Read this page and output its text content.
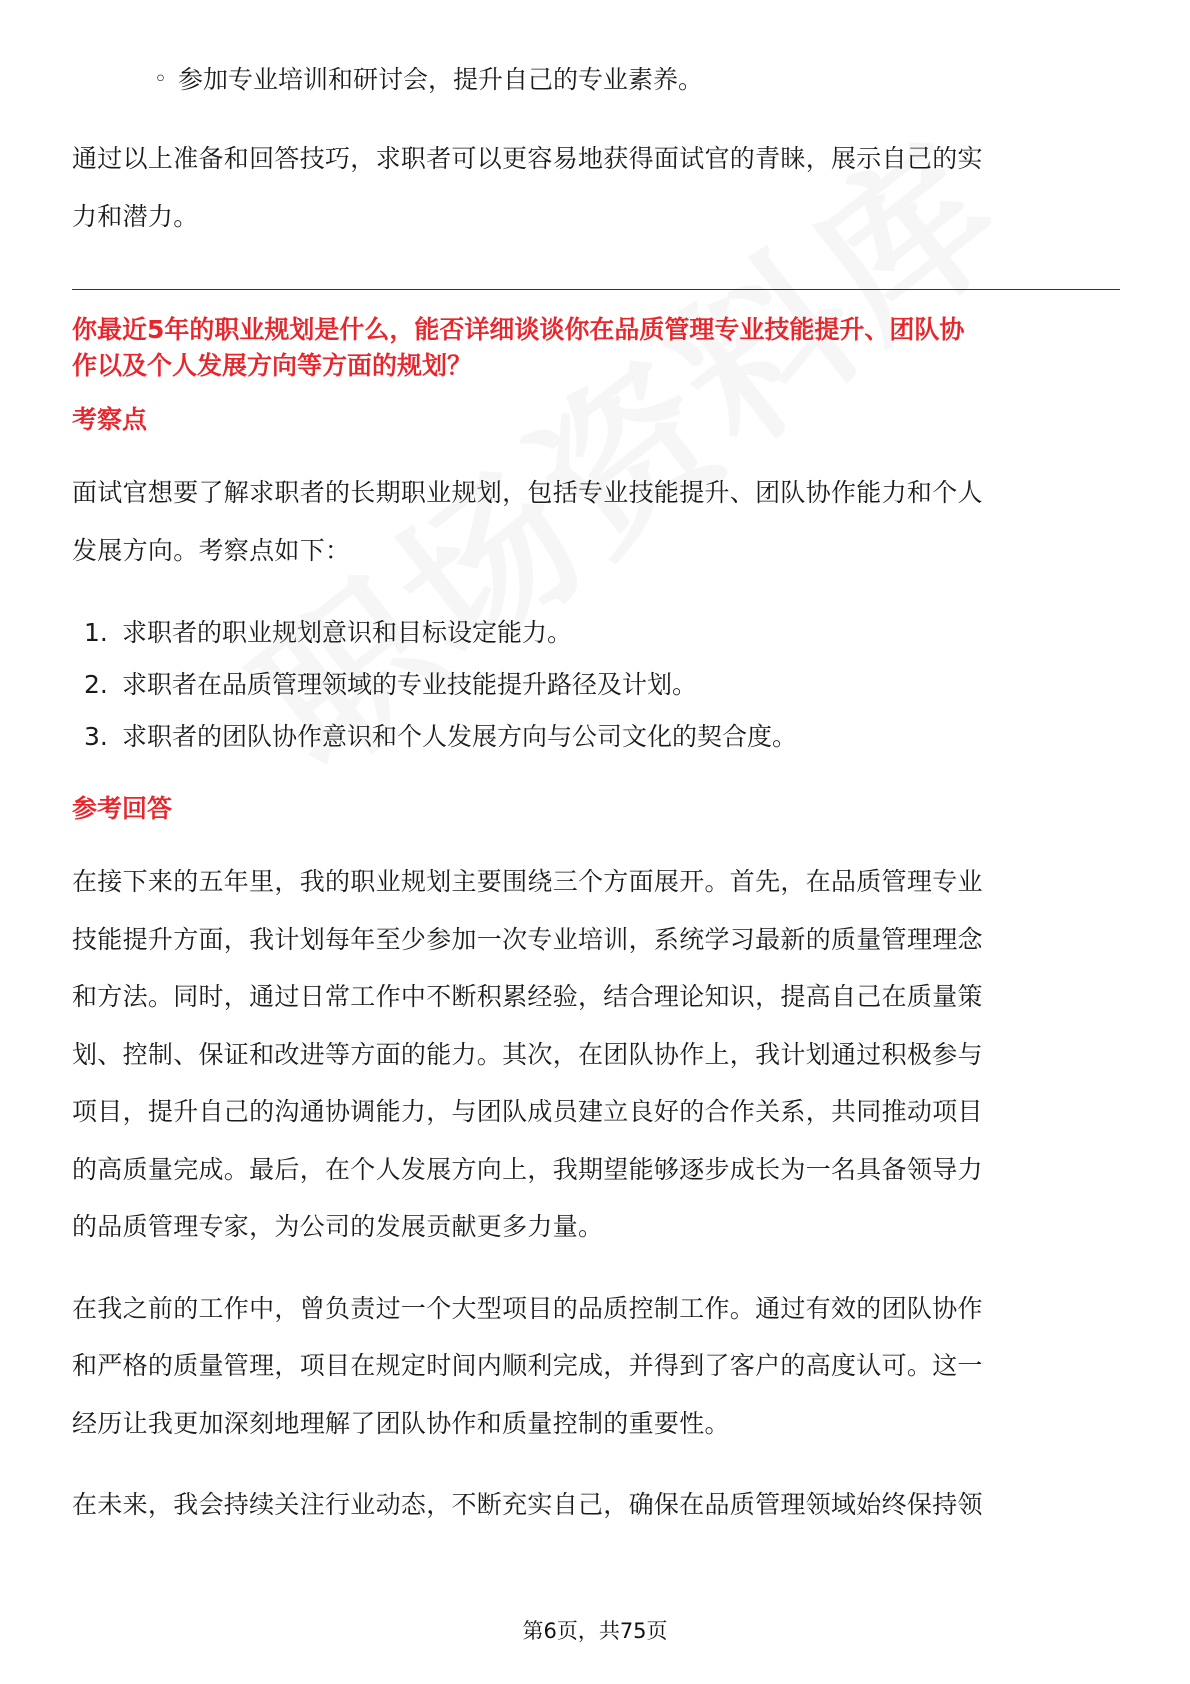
◦ 参加专业培训和研讨会，提升自己的专业素养。

通过以上准备和回答技巧，求职者可以更容易地获得面试官的青睐，展示自己的实

力和潜力。

你最近5年的职业规划是什么，能否详细谈谈你在品质管理专业技能提升、团队协

作以及个人发展方向等方面的规划？

考察点

面试官想要了解求职者的长期职业规划，包括专业技能提升、团队协作能力和个人

发展方向。考察点如下：

1. 求职者的职业规划意识和目标设定能力。
2. 求职者在品质管理领域的专业技能提升路径及计划。
3. 求职者的团队协作意识和个人发展方向与公司文化的契合度。

参考回答

在接下来的五年里，我的职业规划主要围绕三个方面展开。首先，在品质管理专业

技能提升方面，我计划每年至少参加一次专业培训，系统学习最新的质量管理理念

和方法。同时，通过日常工作中不断积累经验，结合理论知识，提高自己在质量策

划、控制、保证和改进等方面的能力。其次，在团队协作上，我计划通过积极参与

项目，提升自己的沟通协调能力，与团队成员建立良好的合作关系，共同推动项目

的高质量完成。最后，在个人发展方向上，我期望能够逐步成长为一名具备领导力

的品质管理专家，为公司的发展贡献更多力量。

在我之前的工作中，曾负责过一个大型项目的品质控制工作。通过有效的团队协作

和严格的质量管理，项目在规定时间内顺利完成，并得到了客户的高度认可。这一

经历让我更加深刻地理解了团队协作和质量控制的重要性。

在未来，我会持续关注行业动态，不断充实自己，确保在品质管理领域始终保持领

第6页，共75页
